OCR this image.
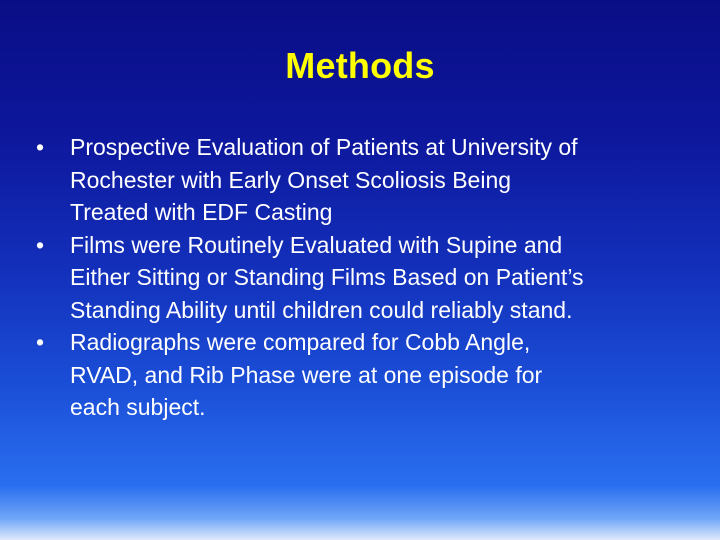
Methods
•	Prospective Evaluation of Patients at University of
Rochester with Early Onset Scoliosis Being
Treated with EDF Casting
•	Films were Routinely Evaluated with Supine and
Either Sitting or Standing Films Based on Patient’s
Standing Ability until children could reliably stand.
•	Radiographs were compared for Cobb Angle,
RVAD, and Rib Phase were at one episode for
each subject.
